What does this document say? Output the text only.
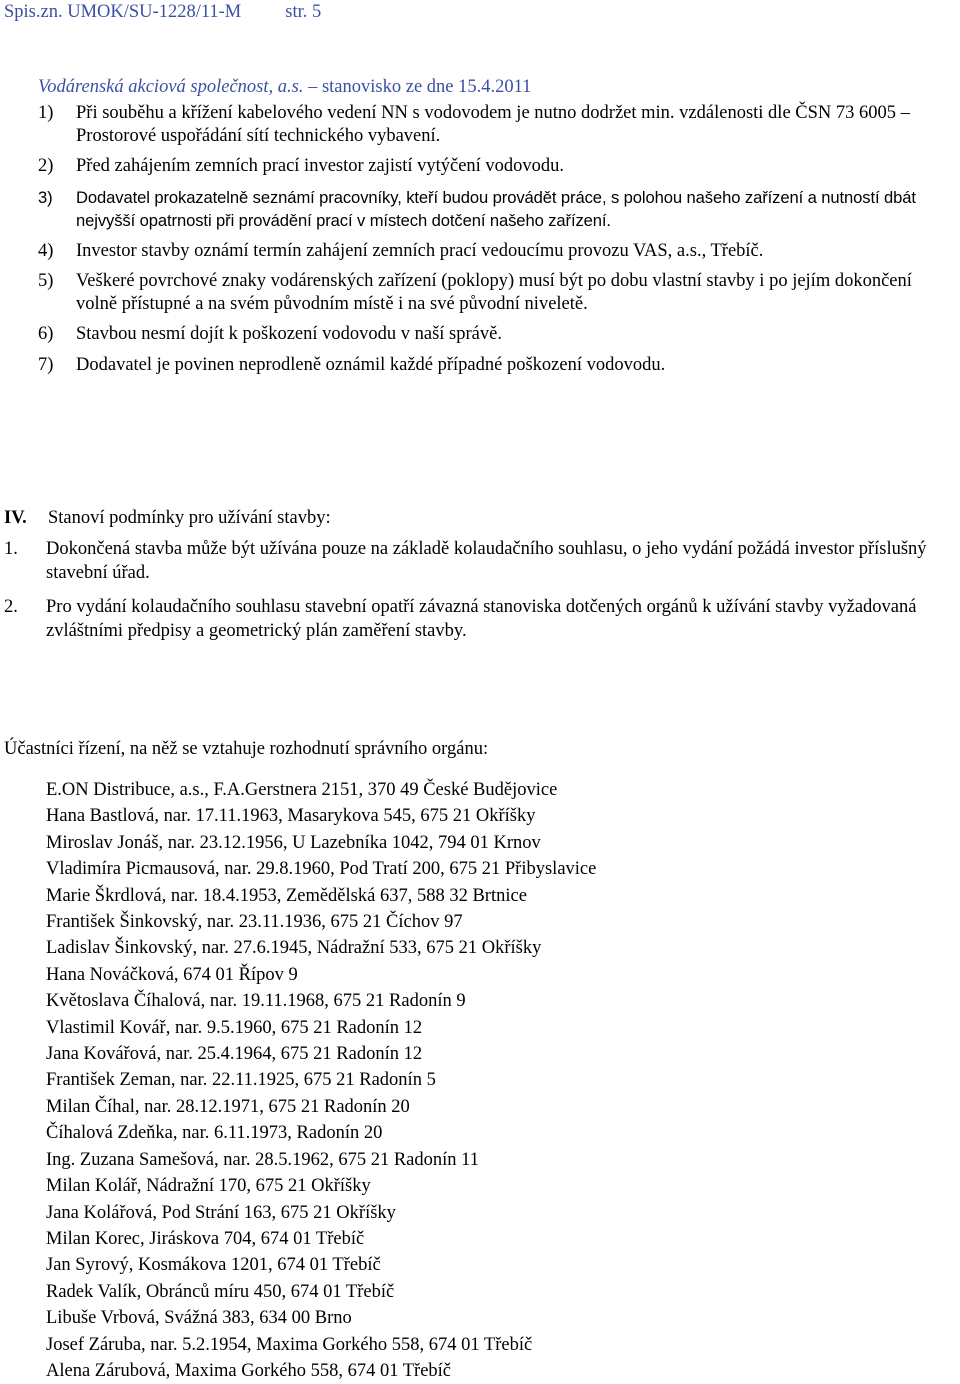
Spis.zn. UMOK/SU-1228/11-M str. 5
Vodárenská akciová společnost, a.s. – stanovisko ze dne 15.4.2011
1) Při souběhu a křížení kabelového vedení NN s vodovodem je nutno dodržet min. vzdálenosti dle ČSN 73 6005 – Prostorové uspořádání sítí technického vybavení.
2) Před zahájením zemních prací investor zajistí vytýčení vodovodu.
3) Dodavatel prokazatelně seznámí pracovníky, kteří budou provádět práce, s polohou našeho zařízení a nutností dbát nejvyšší opatrnosti při provádění prací v místech dotčení našeho zařízení.
4) Investor stavby oznámí termín zahájení zemních prací vedoucímu provozu VAS, a.s., Třebíč.
5) Veškeré povrchové znaky vodárenských zařízení (poklopy) musí být po dobu vlastní stavby i po jejím dokončení volně přístupné a na svém původním místě i na své původní niveletě.
6) Stavbou nesmí dojít k poškození vodovodu v naší správě.
7) Dodavatel je povinen neprodleně oznámil každé případné poškození vodovodu.
IV. Stanoví podmínky pro užívání stavby:
1. Dokončená stavba může být užívána pouze na základě kolaudačního souhlasu, o jeho vydání požádá investor příslušný stavební úřad.
2. Pro vydání kolaudačního souhlasu stavební opatří závazná stanoviska dotčených orgánů k užívání stavby vyžadovaná zvláštními předpisy a geometrický plán zaměření stavby.
Účastníci řízení, na něž se vztahuje rozhodnutí správního orgánu:
E.ON Distribuce, a.s., F.A.Gerstnera 2151, 370 49 České Budějovice
Hana Bastlová, nar. 17.11.1963, Masarykova 545, 675 21 Okříšky
Miroslav Jonáš, nar. 23.12.1956, U Lazebníka 1042, 794 01 Krnov
Vladimíra Picmausová, nar. 29.8.1960, Pod Tratí 200, 675 21 Přibyslavice
Marie Škrdlová, nar. 18.4.1953, Zemědělská 637, 588 32 Brtnice
František Šinkovský, nar. 23.11.1936, 675 21 Číchov 97
Ladislav Šinkovský, nar. 27.6.1945, Nádražní 533, 675 21 Okříšky
Hana Nováčková, 674 01 Řípov 9
Květoslava Číhalová, nar. 19.11.1968, 675 21 Radonín 9
Vlastimil Kovář, nar. 9.5.1960, 675 21 Radonín 12
Jana Kovářová, nar. 25.4.1964, 675 21 Radonín 12
František Zeman, nar. 22.11.1925, 675 21 Radonín 5
Milan Číhal, nar. 28.12.1971, 675 21 Radonín 20
Číhalová Zdeňka, nar. 6.11.1973, Radonín 20
Ing. Zuzana Samešová, nar. 28.5.1962, 675 21 Radonín 11
Milan Kolář, Nádražní 170, 675 21 Okříšky
Jana Kolářová, Pod Strání 163, 675 21 Okříšky
Milan Korec, Jiráskova 704, 674 01 Třebíč
Jan Syrový, Kosmákova 1201, 674 01 Třebíč
Radek Valík, Obránců míru 450, 674 01 Třebíč
Libuše Vrbová, Svážná 383, 634 00 Brno
Josef Záruba, nar. 5.2.1954, Maxima Gorkého 558, 674 01 Třebíč
Alena Zárubová, Maxima Gorkého 558, 674 01 Třebíč
